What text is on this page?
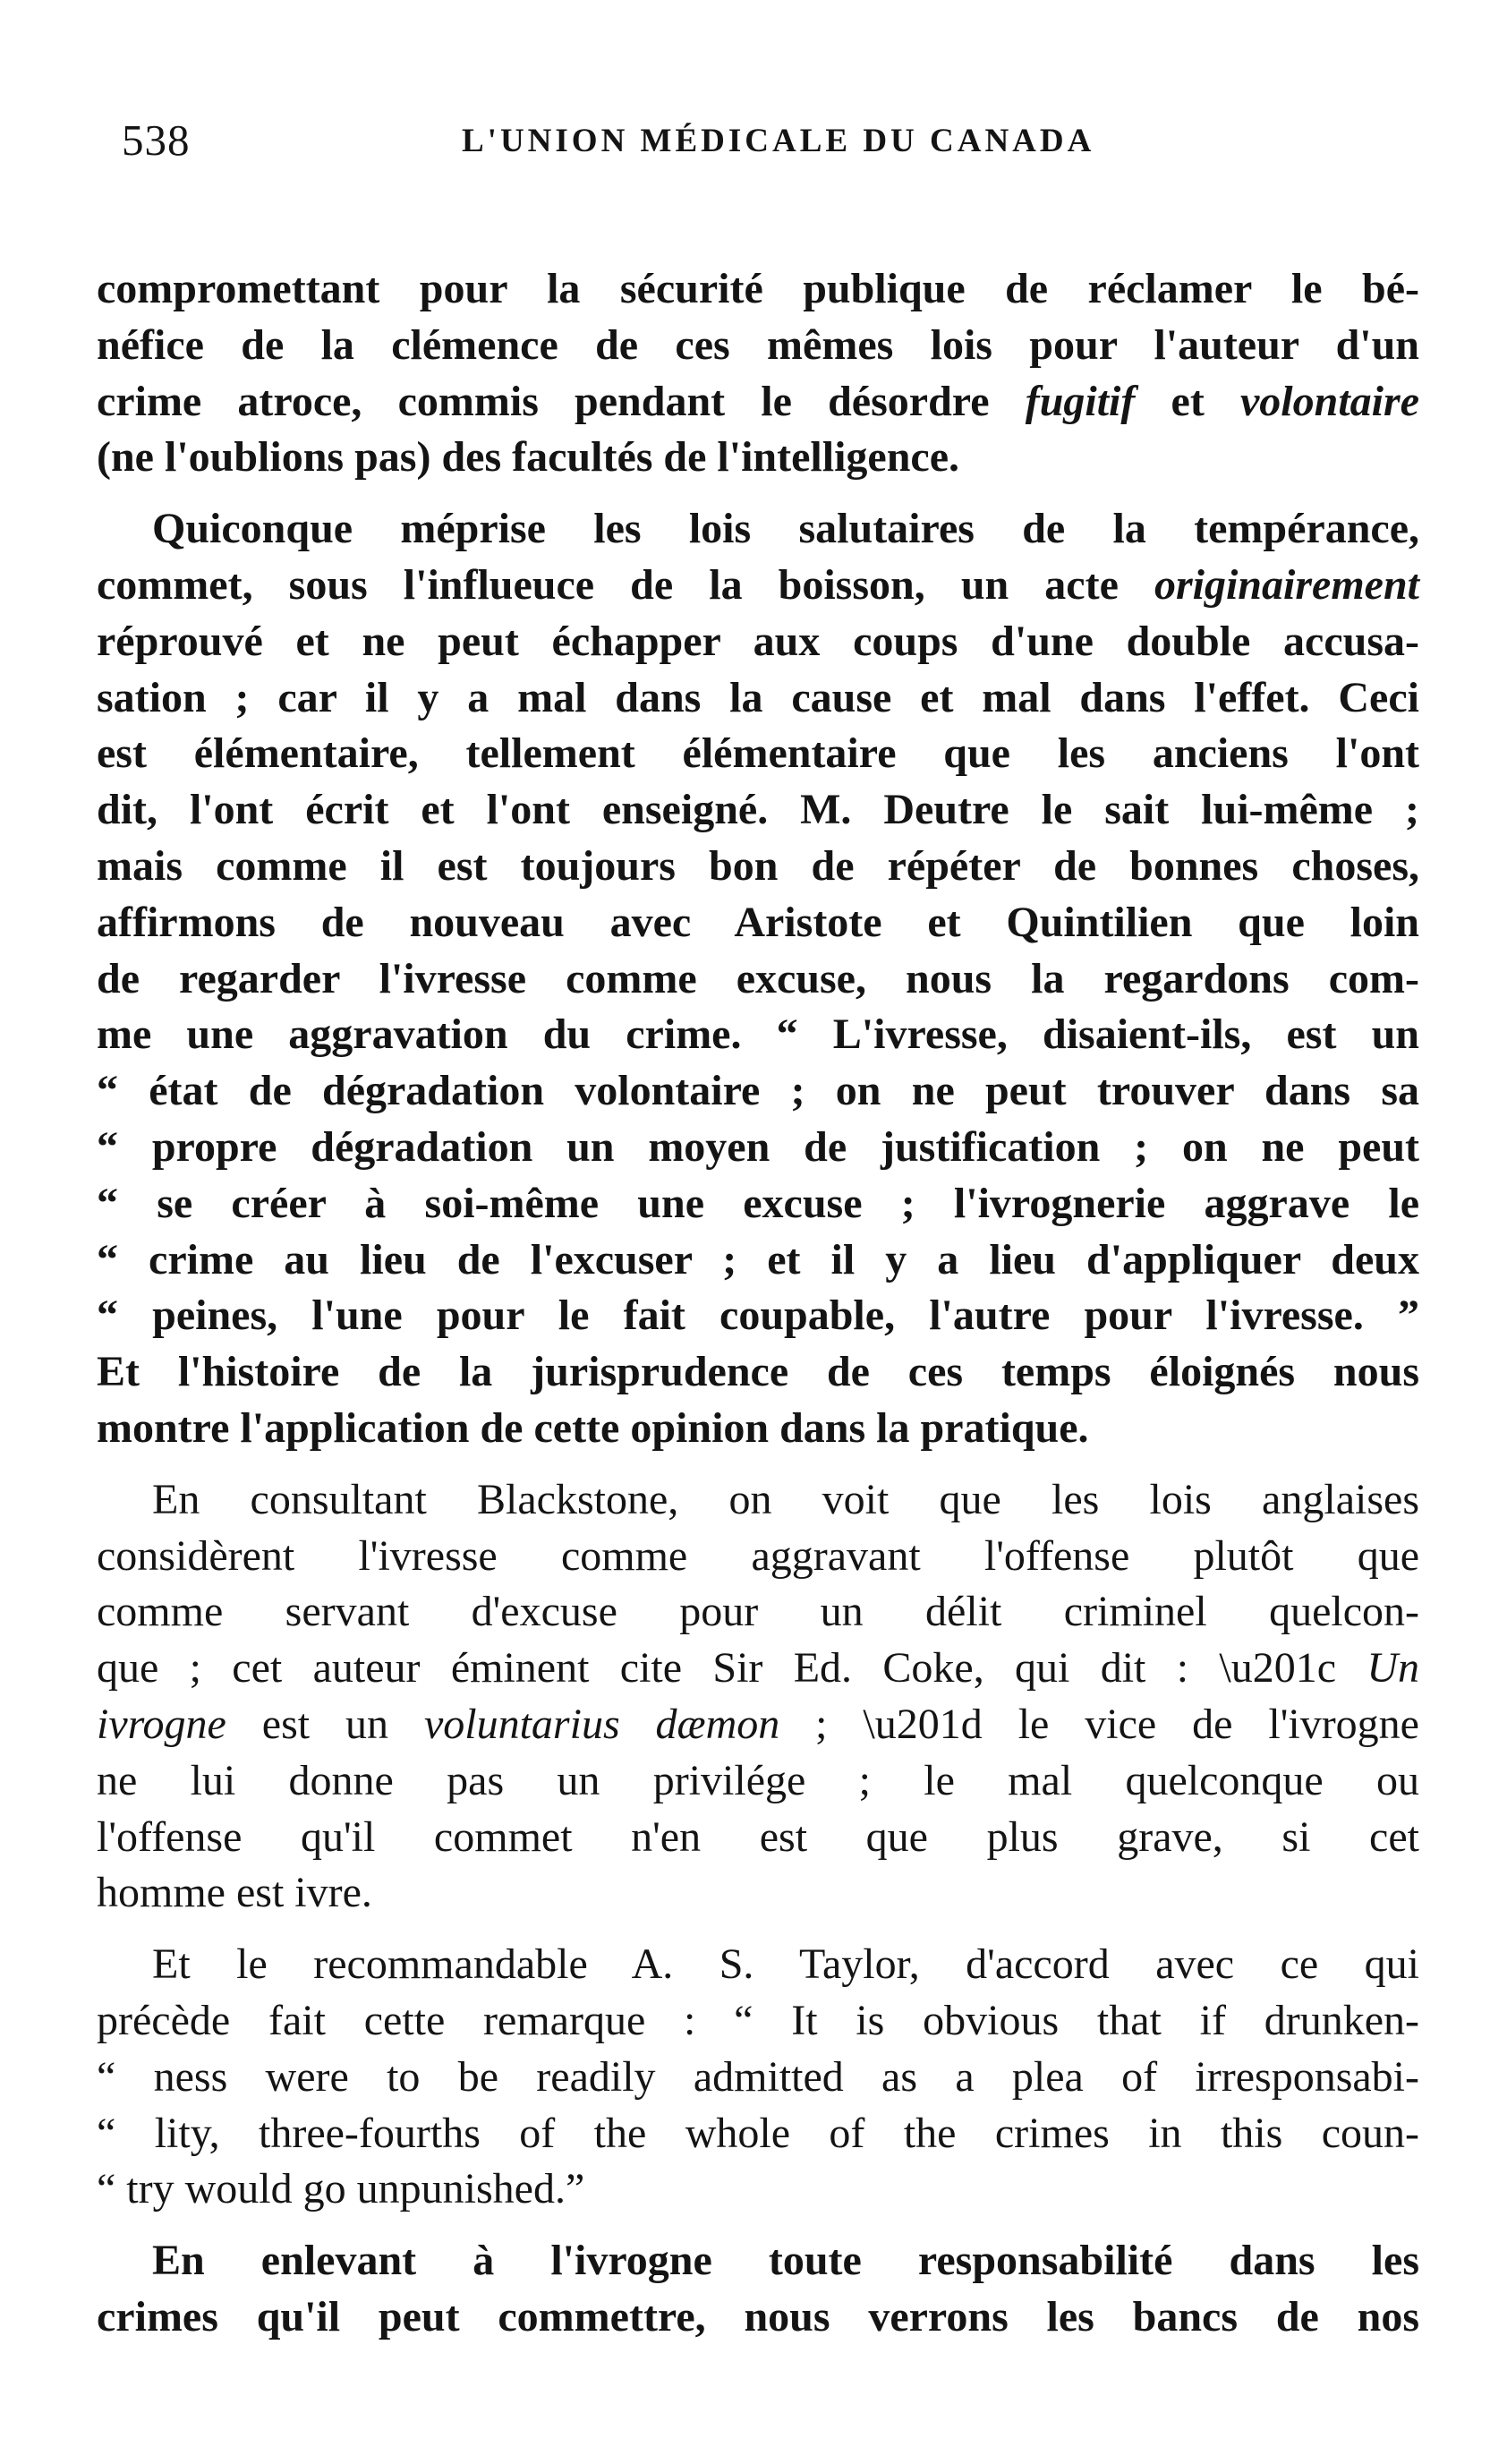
538	L'UNION MÉDICALE DU CANADA
compromettant pour la sécurité publique de réclamer le bé-
néfice de la clémence de ces mêmes lois pour l'auteur d'un
crime atroce, commis pendant le désordre fugitif et volontaire
(ne l'oublions pas) des facultés de l'intelligence.
Quiconque méprise les lois salutaires de la tempérance,
commet, sous l'influeuce de la boisson, un acte originairement
réprouvé et ne peut échapper aux coups d'une double accusa-
sation ; car il y a mal dans la cause et mal dans l'effet. Ceci
est élémentaire, tellement élémentaire que les anciens l'ont
dit, l'ont écrit et l'ont enseigné. M. Deutre le sait lui-même ;
mais comme il est toujours bon de répéter de bonnes choses,
affirmons de nouveau avec Aristote et Quintilien que loin
de regarder l'ivresse comme excuse, nous la regardons com-
me une aggravation du crime. “ L'ivresse, disaient-ils, est un
“ état de dégradation volontaire ; on ne peut trouver dans sa
“ propre dégradation un moyen de justification ; on ne peut
“ se créer à soi-même une excuse ; l'ivrognerie aggrave le
“ crime au lieu de l'excuser ; et il y a lieu d'appliquer deux
“ peines, l'une pour le fait coupable, l'autre pour l'ivresse. ”
Et l'histoire de la jurisprudence de ces temps éloignés nous
montre l'application de cette opinion dans la pratique.
En consultant Blackstone, on voit que les lois anglaises
considèrent l'ivresse comme aggravant l'offense plutôt que
comme servant d'excuse pour un délit criminel quelcon-
que ; cet auteur éminent cite Sir Ed. Coke, qui dit : \u201c Un
ivrogne est un voluntarius dæmon ; \u201d le vice de l'ivrogne
ne lui donne pas un privilége ; le mal quelconque ou
l'offense qu'il commet n'en est que plus grave, si cet
homme est ivre.
Et le recommandable A. S. Taylor, d'accord avec ce qui
précède fait cette remarque : “ It is obvious that if drunken-
“ ness were to be readily admitted as a plea of irresponsabi-
“ lity, three-fourths of the whole of the crimes in this coun-
“ try would go unpunished.”
En enlevant à l'ivrogne toute responsabilité dans les
crimes qu'il peut commettre, nous verrons les bancs de nos
